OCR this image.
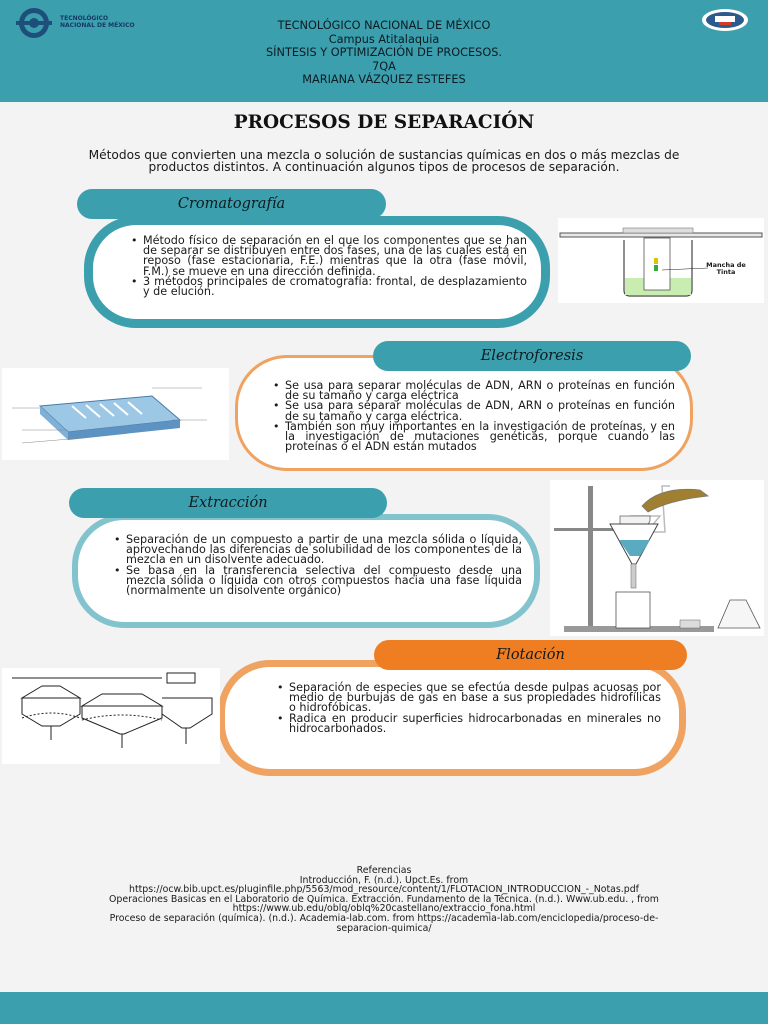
TECNOLÓGICO
NACIONAL DE MÉXICO	TECNOLÓGICO NACIONAL DE MÉXICO
Campus Atitalaquia
SÍNTESIS Y OPTIMIZACIÓN DE PROCESOS.
7QA
MARIANA VÁZQUEZ ESTEFES
PROCESOS DE SEPARACIÓN
Métodos que convierten una mezcla o solución de sustancias químicas en dos o más mezclas de productos distintos. A continuación algunos tipos de procesos de separación.
• Método físico de separación en el que los componentes que se han de separar se distribuyen entre dos fases, una de las cuales está en reposo (fase estacionaria, F.E.) mientras que la otra (fase móvil, F.M.) se mueve en una dirección definida.
• 3 métodos principales de cromatografía: frontal, de desplazamiento y de elución.
Cromatografía
Mancha de Tinta
• Se usa para separar moléculas de ADN, ARN o proteínas en función de su tamaño y carga eléctrica
• Se usa para separar moléculas de ADN, ARN o proteínas en función de su tamaño y carga eléctrica.
• También son muy importantes en la investigación de proteínas, y en la investigación de mutaciones genéticas, porque cuando las proteínas o el ADN están mutados
Electroforesis
• Separación de un compuesto a partir de una mezcla sólida o líquida, aprovechando las diferencias de solubilidad de los componentes de la mezcla en un disolvente adecuado.
• Se basa en la transferencia selectiva del compuesto desde una mezcla sólida o líquida con otros compuestos hacia una fase líquida (normalmente un disolvente orgánico)
Extracción
• Separación de especies que se efectúa desde pulpas acuosas por medio de burbujas de gas en base a sus propiedades hidrofílicas o hidrofóbicas.
• Radica en producir superficies hidrocarbonadas en minerales no hidrocarbonados.
Flotación
Referencias
Introducción, F. (n.d.). Upct.Es. from
https://ocw.bib.upct.es/pluginfile.php/5563/mod_resource/content/1/FLOTACION_INTRODUCCION_-_Notas.pdf
Operaciones Basicas en el Laboratorio de Química. Extracción. Fundamento de la Técnica. (n.d.). Www.ub.edu. , from
https://www.ub.edu/oblq/oblq%20castellano/extraccio_fona.html
Proceso de separación (química). (n.d.). Academia-lab.com. from https://academia-lab.com/enciclopedia/proceso-de-
separacion-quimica/
